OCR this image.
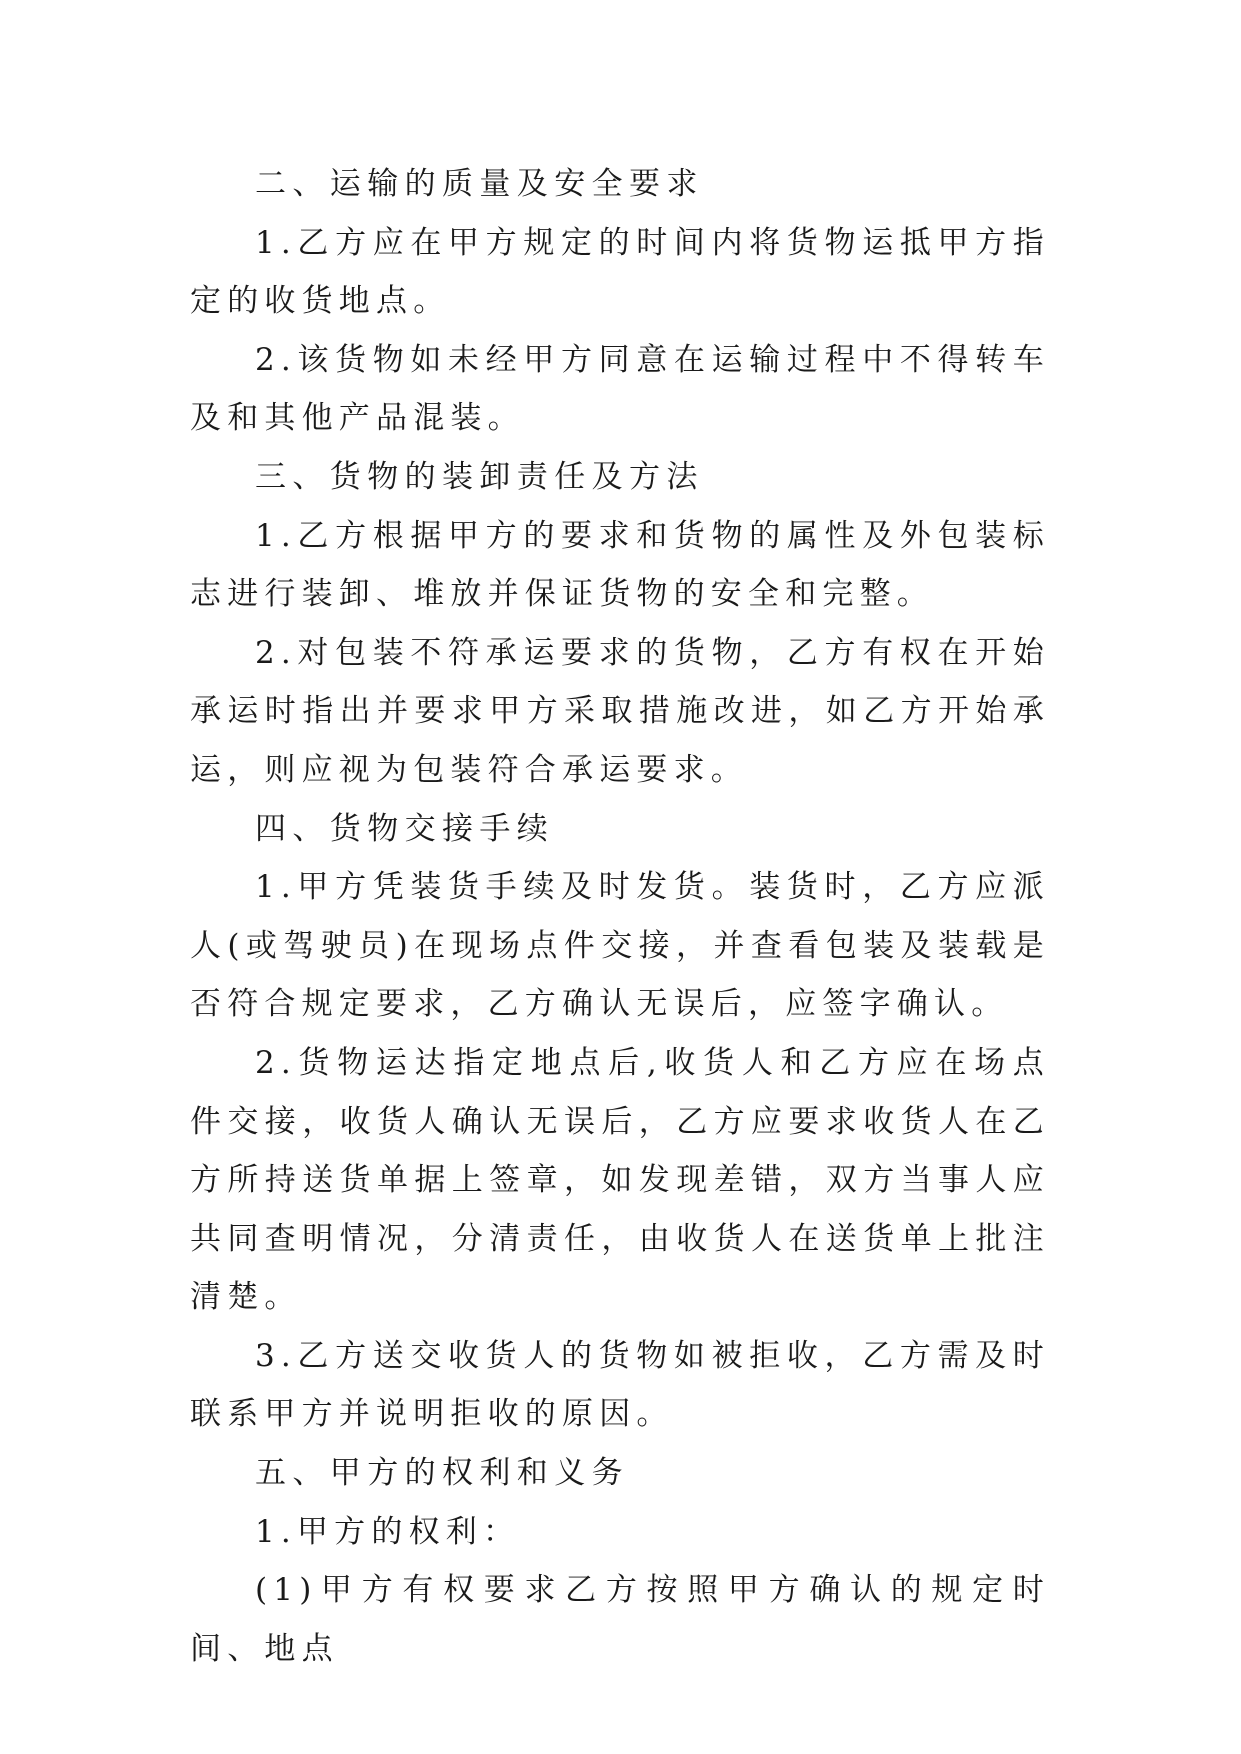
二、运输的质量及安全要求

1.乙方应在甲方规定的时间内将货物运抵甲方指定的收货地点。

2.该货物如未经甲方同意在运输过程中不得转车及和其他产品混装。

三、货物的装卸责任及方法

1.乙方根据甲方的要求和货物的属性及外包装标志进行装卸、堆放并保证货物的安全和完整。

2.对包装不符承运要求的货物，乙方有权在开始承运时指出并要求甲方采取措施改进，如乙方开始承运，则应视为包装符合承运要求。

四、货物交接手续

1.甲方凭装货手续及时发货。装货时，乙方应派人(或驾驶员)在现场点件交接，并查看包装及装载是否符合规定要求，乙方确认无误后，应签字确认。

2.货物运达指定地点后,收货人和乙方应在场点件交接，收货人确认无误后，乙方应要求收货人在乙方所持送货单据上签章，如发现差错，双方当事人应共同查明情况，分清责任，由收货人在送货单上批注清楚。

3.乙方送交收货人的货物如被拒收，乙方需及时联系甲方并说明拒收的原因。

五、甲方的权利和义务

1.甲方的权利：

(1)甲方有权要求乙方按照甲方确认的规定时间、地点
